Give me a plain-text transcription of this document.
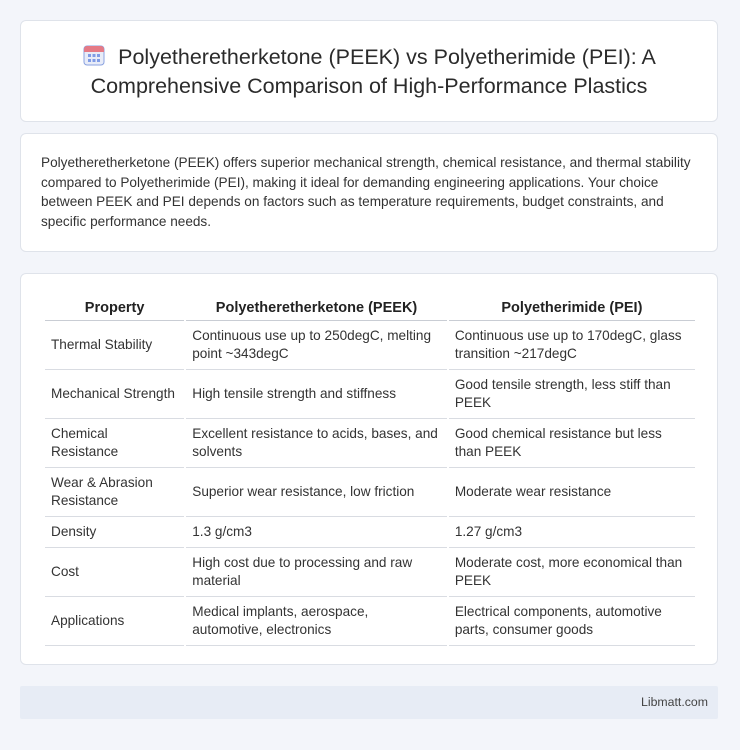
Polyetheretherketone (PEEK) vs Polyetherimide (PEI): A Comprehensive Comparison of High-Performance Plastics

Polyetheretherketone (PEEK) offers superior mechanical strength, chemical resistance, and thermal stability compared to Polyetherimide (PEI), making it ideal for demanding engineering applications. Your choice between PEEK and PEI depends on factors such as temperature requirements, budget constraints, and specific performance needs.

Property	Polyetheretherketone (PEEK)	Polyetherimide (PEI)
Thermal Stability	Continuous use up to 250degC, melting point ~343degC	Continuous use up to 170degC, glass transition ~217degC
Mechanical Strength	High tensile strength and stiffness	Good tensile strength, less stiff than PEEK
Chemical Resistance	Excellent resistance to acids, bases, and solvents	Good chemical resistance but less than PEEK
Wear & Abrasion Resistance	Superior wear resistance, low friction	Moderate wear resistance
Density	1.3 g/cm3	1.27 g/cm3
Cost	High cost due to processing and raw material	Moderate cost, more economical than PEEK
Applications	Medical implants, aerospace, automotive, electronics	Electrical components, automotive parts, consumer goods
Libmatt.com
